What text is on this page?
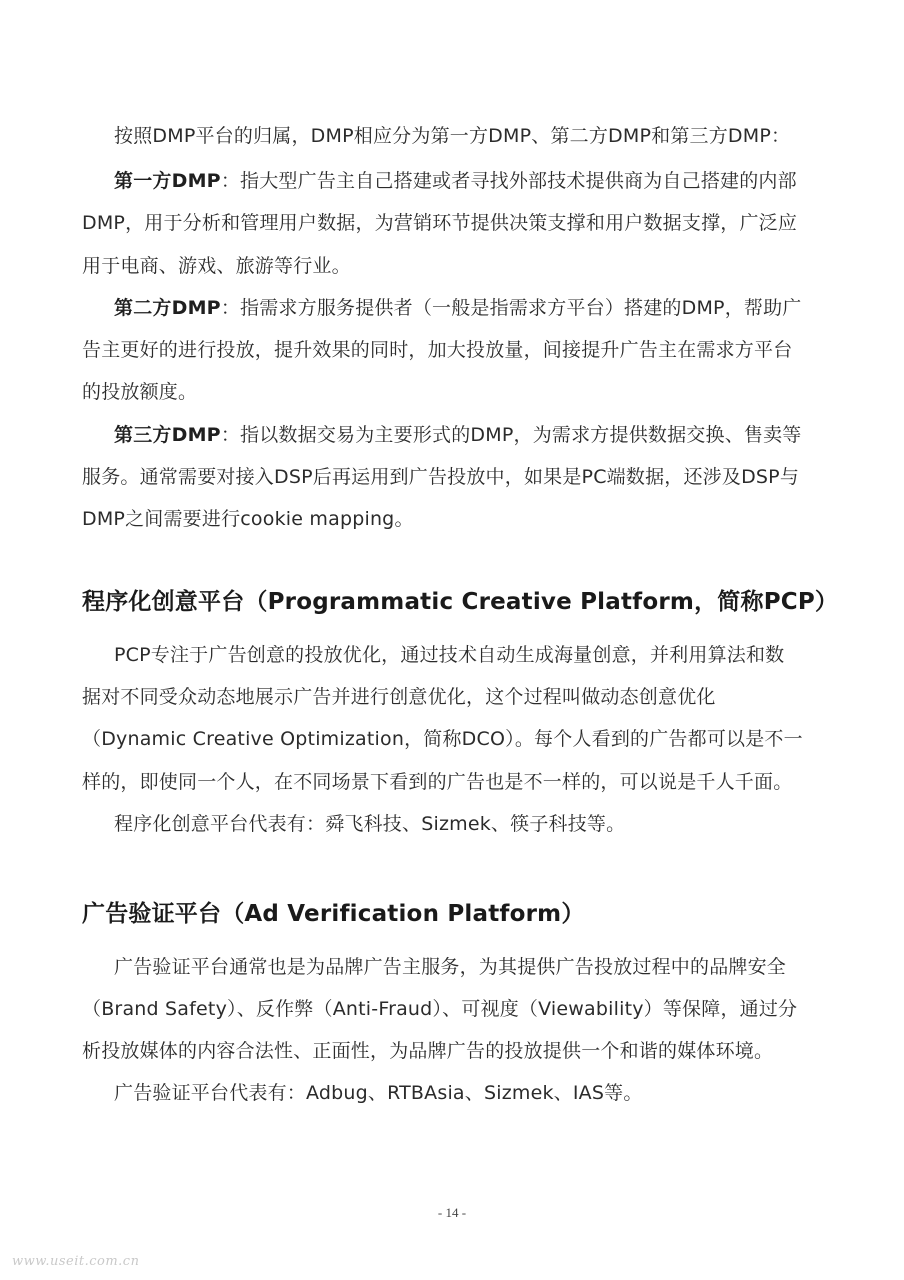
按照DMP平台的归属，DMP相应分为第一方DMP、第二方DMP和第三方DMP：
第一方DMP：指大型广告主自己搭建或者寻找外部技术提供商为自己搭建的内部
DMP，用于分析和管理用户数据，为营销环节提供决策支撑和用户数据支撑，广泛应
用于电商、游戏、旅游等行业。
第二方DMP：指需求方服务提供者（一般是指需求方平台）搭建的DMP，帮助广
告主更好的进行投放，提升效果的同时，加大投放量，间接提升广告主在需求方平台
的投放额度。
第三方DMP：指以数据交易为主要形式的DMP，为需求方提供数据交换、售卖等
服务。通常需要对接入DSP后再运用到广告投放中，如果是PC端数据，还涉及DSP与
DMP之间需要进行cookie mapping。
程序化创意平台（Programmatic Creative Platform，简称PCP）
PCP专注于广告创意的投放优化，通过技术自动生成海量创意，并利用算法和数
据对不同受众动态地展示广告并进行创意优化，这个过程叫做动态创意优化
（Dynamic Creative Optimization，简称DCO）。每个人看到的广告都可以是不一
样的，即使同一个人，在不同场景下看到的广告也是不一样的，可以说是千人千面。
程序化创意平台代表有：舜飞科技、Sizmek、筷子科技等。
广告验证平台（Ad Verification Platform）
广告验证平台通常也是为品牌广告主服务，为其提供广告投放过程中的品牌安全
（Brand Safety）、反作弊（Anti-Fraud）、可视度（Viewability）等保障，通过分
析投放媒体的内容合法性、正面性，为品牌广告的投放提供一个和谐的媒体环境。
广告验证平台代表有：Adbug、RTBAsia、Sizmek、IAS等。
- 14 -
www.useit.com.cn
